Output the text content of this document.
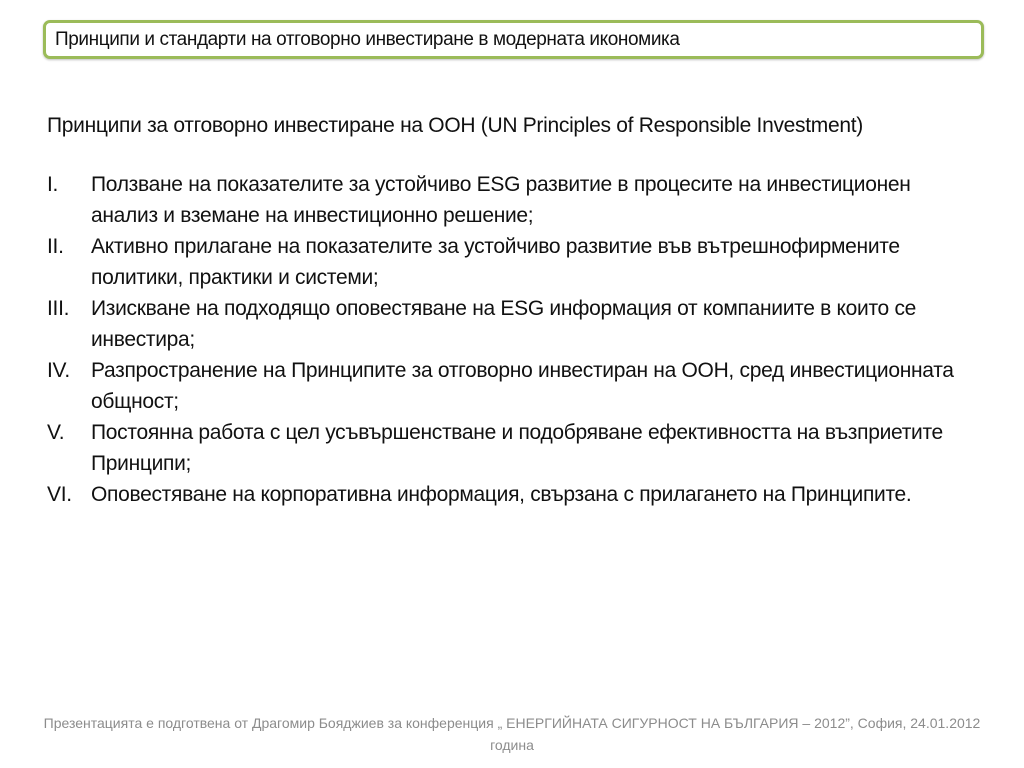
Принципи и стандарти на отговорно инвестиране в модерната икономика
Принципи за отговорно инвестиране на ООН (UN Principles of Responsible Investment)
I.	Ползване на показателите за устойчиво ESG развитие в процесите на инвестиционен анализ и вземане на инвестиционно решение;
II.	Активно прилагане на показателите за устойчиво развитие във вътрешнофирмените политики, практики и системи;
III.	Изискване на подходящо оповестяване на ESG информация от компаниите в които се инвестира;
IV.	Разпространение на Принципите за отговорно инвестиран на ООН, сред инвестиционната общност;
V.	Постоянна работа с цел усъвършенстване и подобряване ефективността на възприетите Принципи;
VI. Оповестяване на корпоративна информация, свързана с прилагането на Принципите.
Презентацията е подготвена от Драгомир Бояджиев за конференция „ ЕНЕРГИЙНАТА СИГУРНОСТ НА БЪЛГАРИЯ – 2012”, София, 24.01.2012 година
